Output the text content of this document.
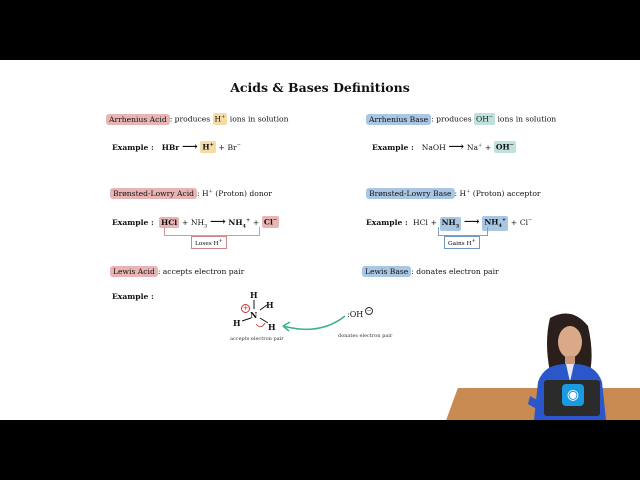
Acids & Bases Definitions
Arrhenius Acid : produces H+ ions in solution
Example : HBr ⟶ H+ + Br−
Arrhenius Base : produces OH− ions in solution
Example : NaOH ⟶ Na+ + OH−
Brønsted-Lowry Acid : H+ (Proton) donor
Example : HCl + $NH_3$ ⟶ $NH_4^+ + Cl^-$
Loses H+
Brønsted-Lowry Base : H+ (Proton) acceptor
Example : HCl + $NH_3$ ⟶ $NH_4^+ + Cl^-$
Gains H+
Lewis Acid : accepts electron pair
Example :
Lewis Base : donates electron pair
H
H
H	H
N
+
:OH −
accepts electron pair	donates electron pair
◉
